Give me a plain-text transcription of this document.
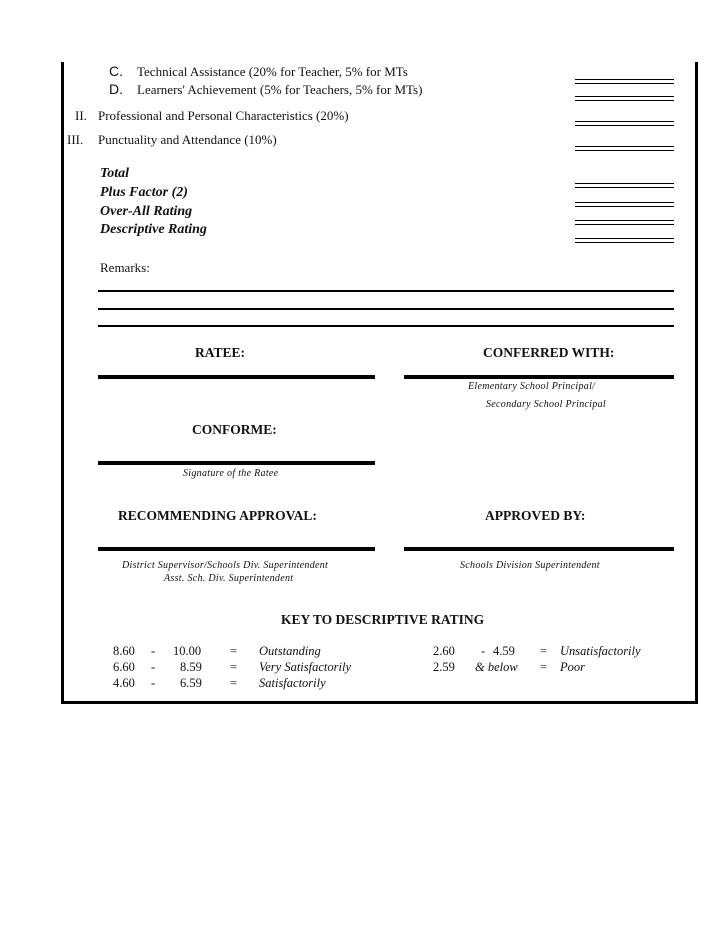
C. Technical Assistance (20% for Teacher, 5% for MTs
D. Learners' Achievement (5% for Teachers, 5% for MTs)
II. Professional and Personal Characteristics (20%)
III. Punctuality and Attendance (10%)
Total
Plus Factor (2)
Over-All Rating
Descriptive Rating
Remarks:
RATEE:	CONFERRED WITH:
Elementary School Principal/
Secondary School Principal
CONFORME:
Signature of the Ratee
RECOMMENDING APPROVAL:	APPROVED BY:
District Supervisor/Schools Div. Superintendent
Asst. Sch. Div. Superintendent
Schools Division Superintendent
KEY TO DESCRIPTIVE RATING
8.60 - 10.00 = Outstanding
6.60 - 8.59 = Very Satisfactorily
4.60 - 6.59 = Satisfactorily
2.60 - 4.59 = Unsatisfactorily
2.59 & below = Poor
